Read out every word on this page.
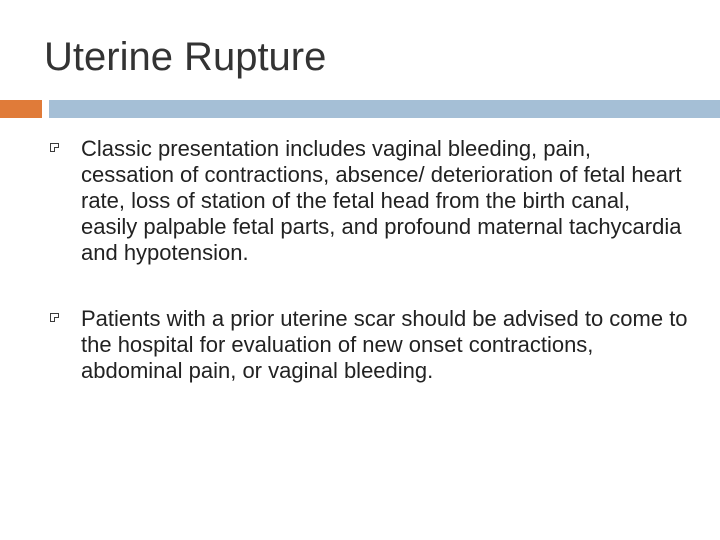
Uterine Rupture
Classic presentation includes vaginal bleeding, pain, cessation of contractions, absence/ deterioration of fetal heart rate, loss of station of the fetal head from the birth canal, easily palpable fetal parts, and profound maternal tachycardia and hypotension.
Patients with a prior uterine scar should be advised to come to the hospital for evaluation of new onset contractions, abdominal pain, or vaginal bleeding.
